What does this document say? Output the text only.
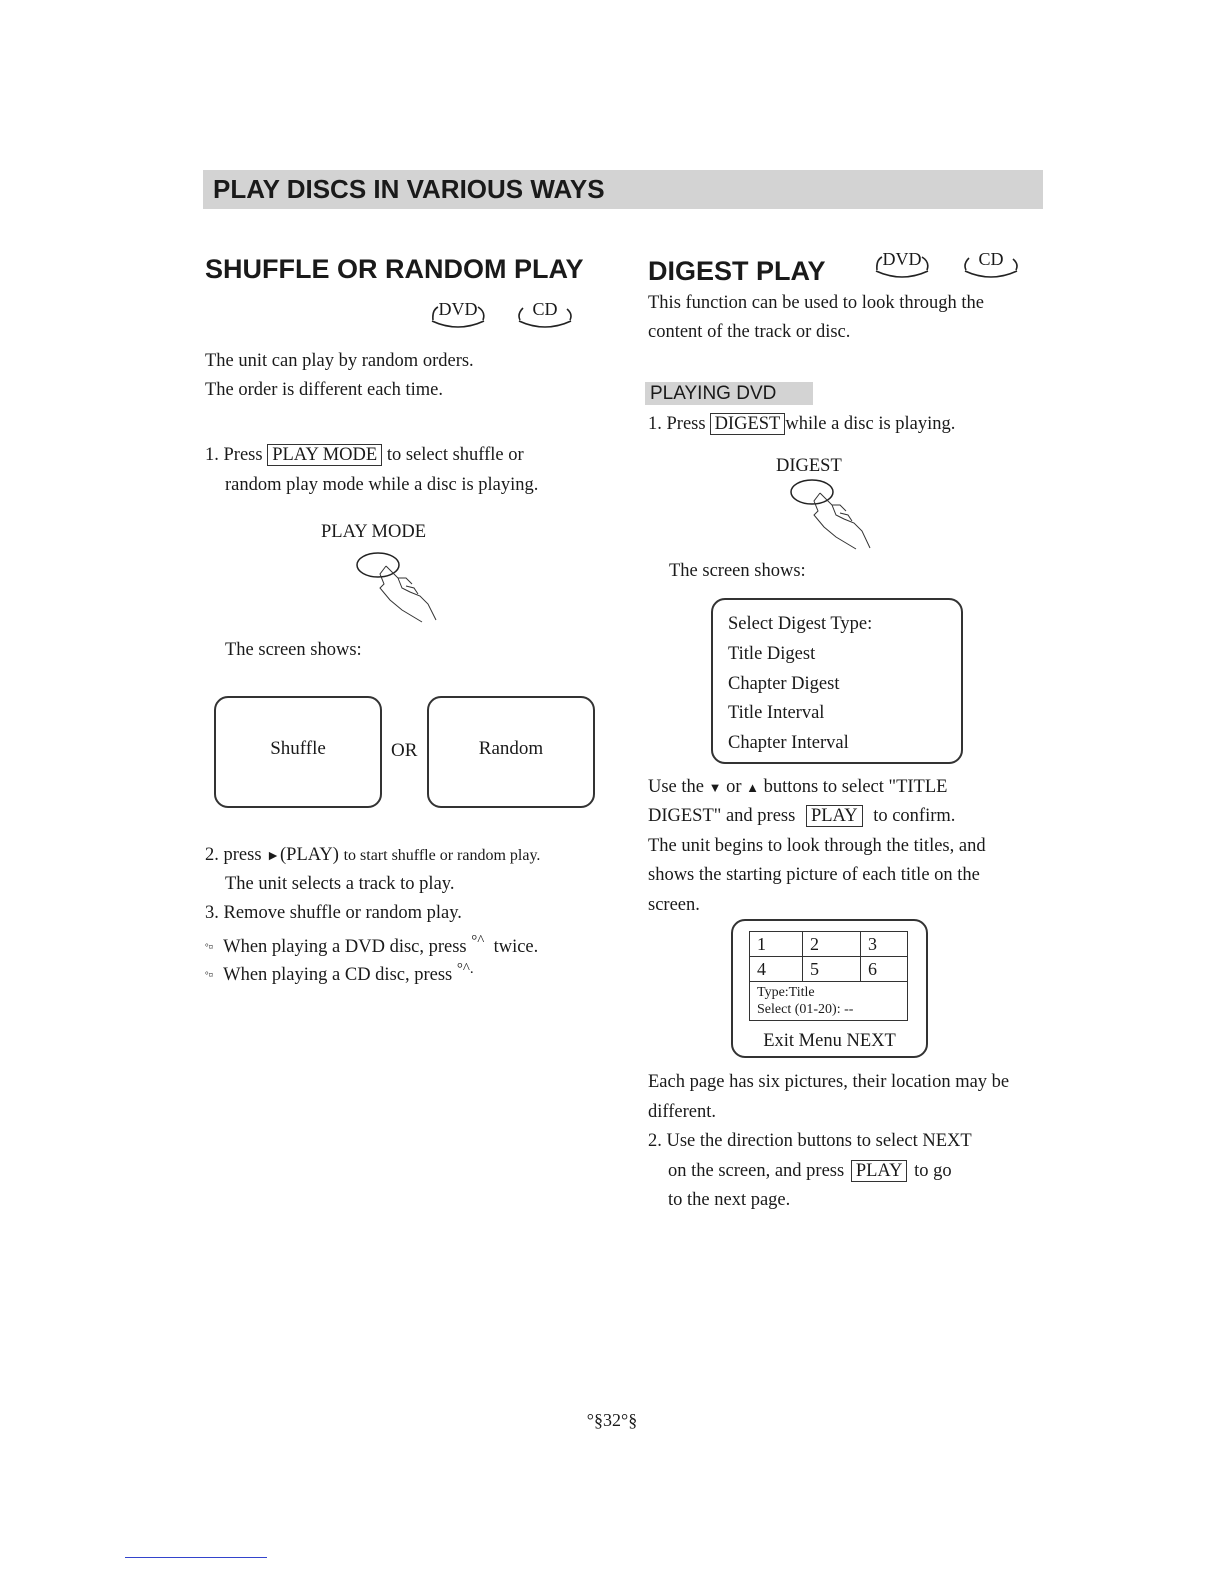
PLAY DISCS IN VARIOUS WAYS
SHUFFLE OR RANDOM PLAY
DVD	CD
The unit can play by random orders.
The order is different each time.
1. Press PLAY MODE to select shuffle or
random play mode while a disc is playing.
PLAY MODE
The screen shows:
Shuffle	OR	Random
2. press ►(PLAY) to start shuffle or random play.
The unit selects a track to play.
3. Remove shuffle or random play.
°¤ When playing a DVD disc, press °^ twice.
°¤ When playing a CD disc, press °^.
DIGEST PLAY	DVD	CD
This function can be used to look through the
content of the track or disc.
PLAYING DVD
1. Press DIGEST while a disc is playing.
DIGEST
The screen shows:
Select Digest Type:
Title Digest
Chapter Digest
Title Interval
Chapter Interval
Use the ▼ or ▲ buttons to select "TITLE
DIGEST" and press PLAY to confirm.
The unit begins to look through the titles, and
shows the starting picture of each title on the
screen.
1	2	3
4	5	6

Type:Title
Select (01-20): --		
Exit Menu NEXT
Each page has six pictures, their location may be
different.
2. Use the direction buttons to select NEXT
on the screen, and press PLAY to go
to the next page.
°§32°§
